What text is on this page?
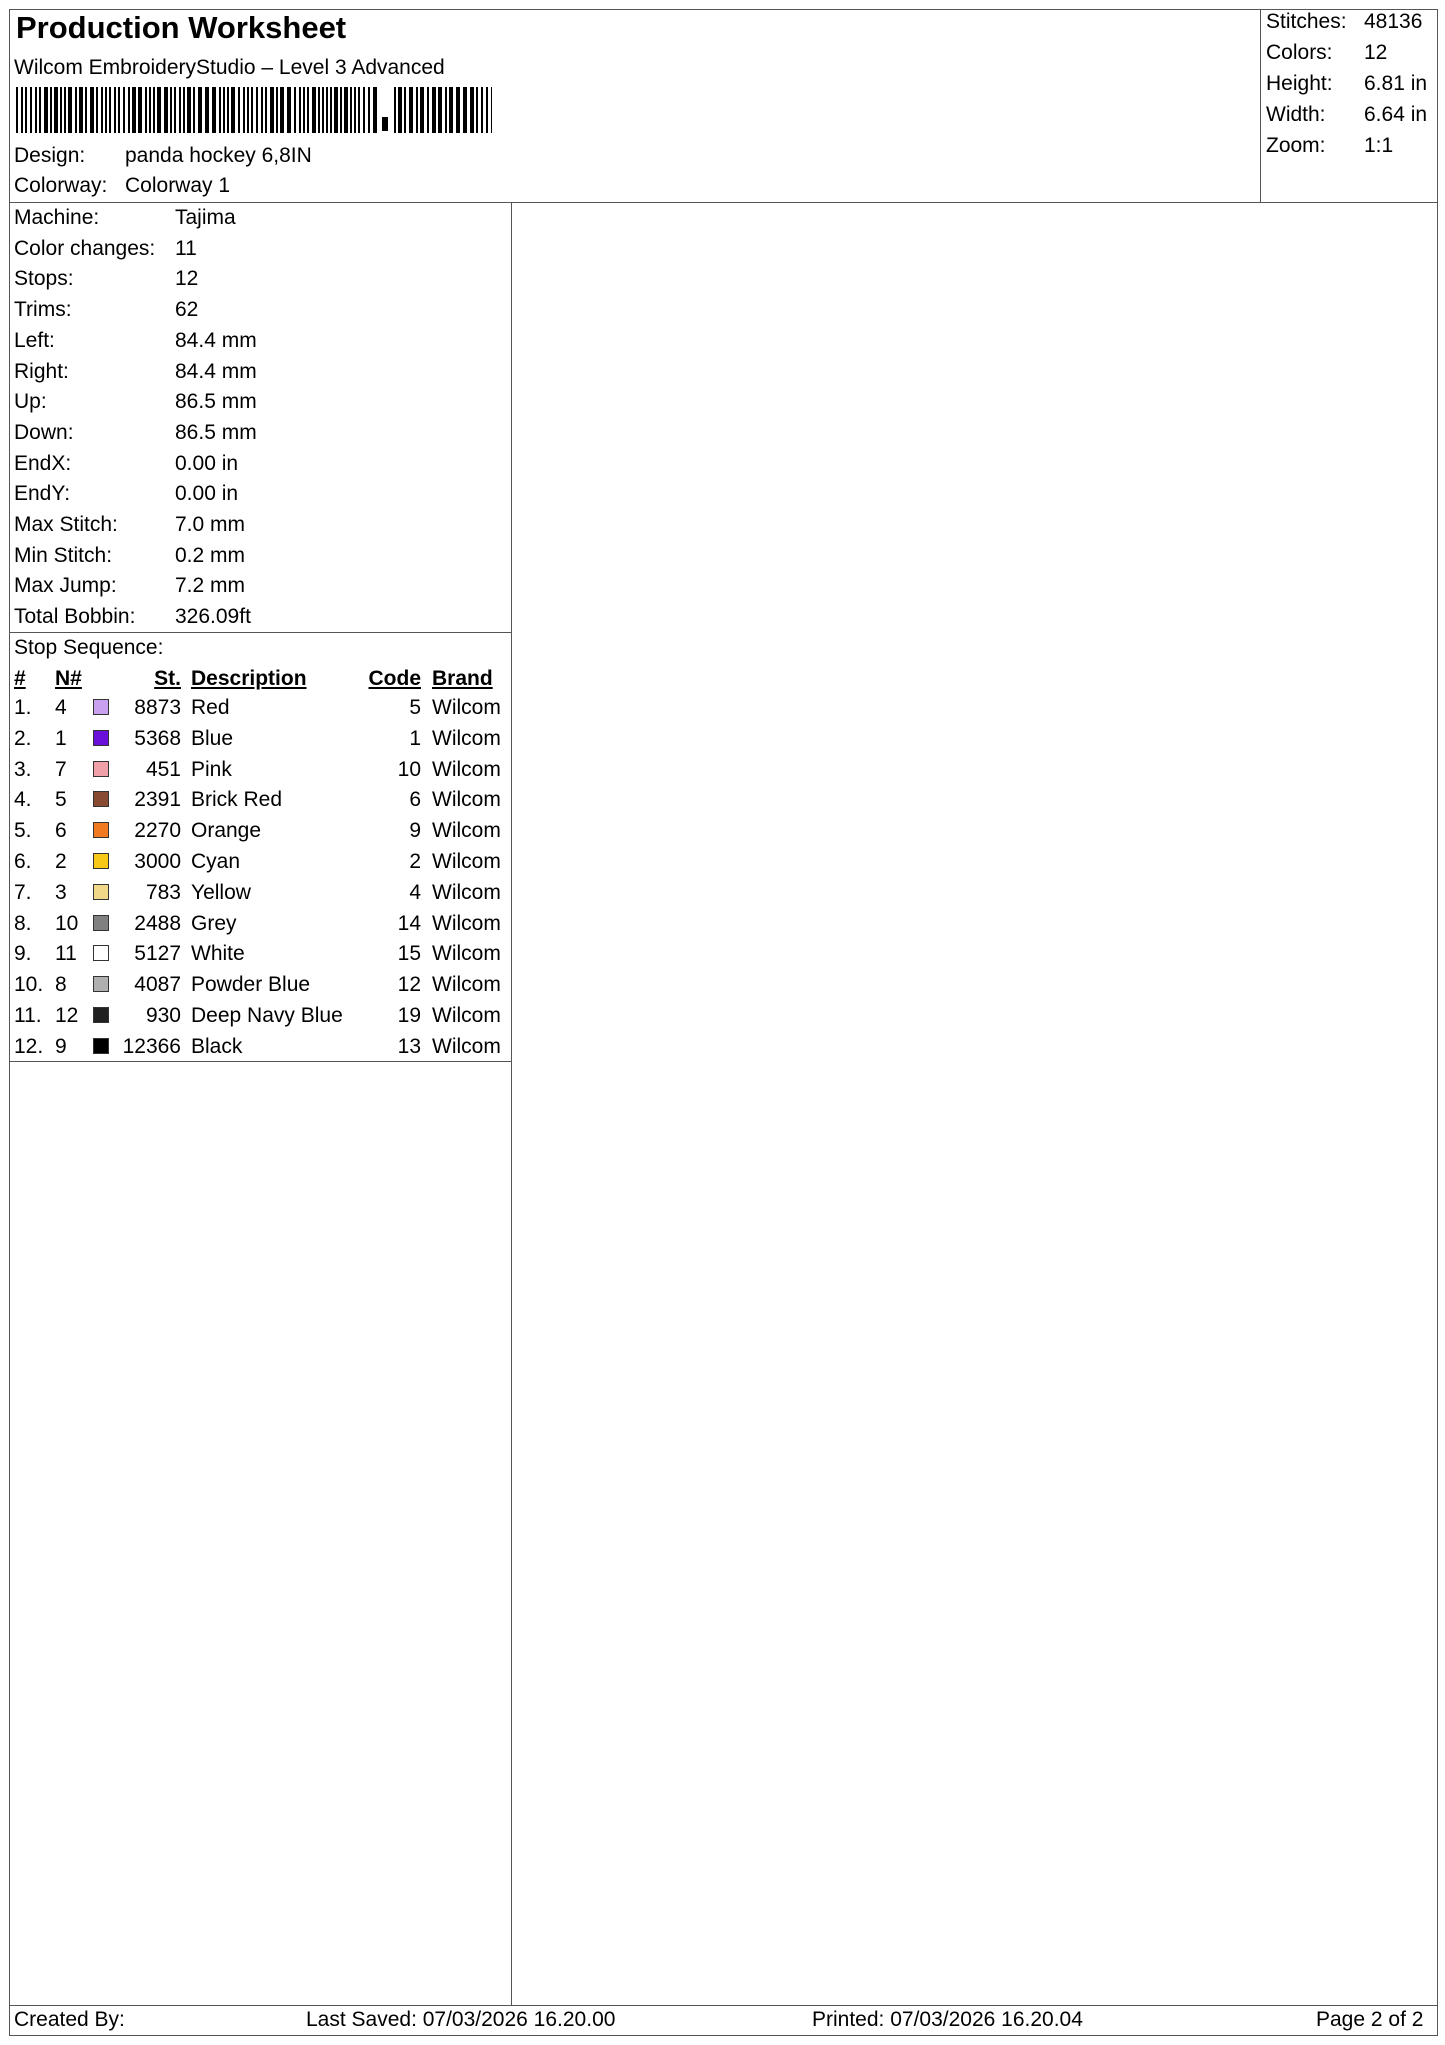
Production Worksheet
Wilcom EmbroideryStudio – Level 3 Advanced
Design: panda hockey 6,8IN
Colorway: Colorway 1
Stitches: 48136
Colors: 12
Height: 6.81 in
Width: 6.64 in
Zoom: 1:1
Machine:	Tajima
Color changes: 11
Stops:	12
Trims:	62
Left:	84.4 mm
Right:	84.4 mm
Up:	86.5 mm
Down:	86.5 mm
EndX:	0.00 in
EndY:	0.00 in
Max Stitch:	7.0 mm
Min Stitch:	0.2 mm
Max Jump:	7.2 mm
Total Bobbin: 326.09ft
Stop Sequence:
# N#	St. Description	Code Brand
1. 4	8873 Red	5 Wilcom
2. 1	5368 Blue	1 Wilcom
3. 7	451 Pink	10 Wilcom
4. 5	2391 Brick Red	6 Wilcom
5. 6	2270 Orange	9 Wilcom
6. 2	3000 Cyan	2 Wilcom
7. 3	783 Yellow	4 Wilcom
8. 10	2488 Grey	14 Wilcom
9. 11	5127 White	15 Wilcom
10. 8	4087 Powder Blue	12 Wilcom
11. 12	930 Deep Navy Blue	19 Wilcom
12. 9	12366 Black	13 Wilcom
Created By:	Last Saved: 07/03/2026 16.20.00	Printed: 07/03/2026 16.20.04	Page 2 of 2
